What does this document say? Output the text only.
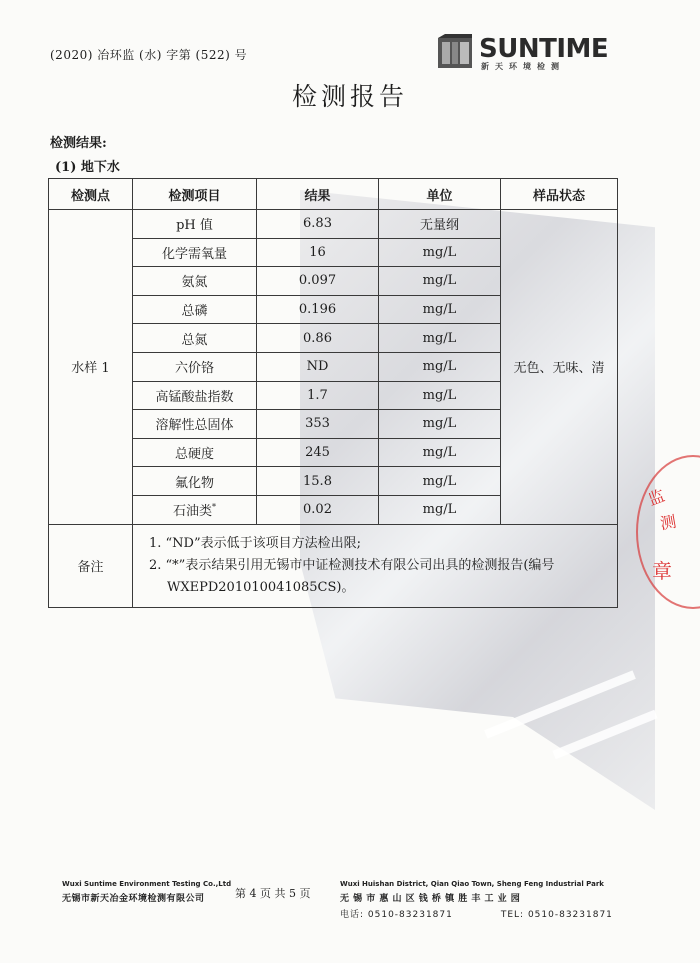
(2020) 冶环监 (水) 字第 (522) 号	SUNTIME
新天环境检测
检测报告
检测结果:
(1) 地下水
检测点	检测项目	结果	单位	样品状态
水样 1	pH 值	6.83	无量纲	无色、无味、清
	化学需氧量	16	mg/L	
	氨氮	0.097	mg/L	
	总磷	0.196	mg/L	
	总氮	0.86	mg/L	
	六价铬	ND	mg/L	
	高锰酸盐指数	1.7	mg/L	
	溶解性总固体	353	mg/L	
	总硬度	245	mg/L	
	氟化物	15.8	mg/L	
	石油类*	0.02	mg/L	
备注	1. “ND”表示低于该项目方法检出限;
2. “*”表示结果引用无锡市中证检测技术有限公司出具的检测报告(编号
WXEPD201010041085CS)。			
监
测
章
Wuxi Suntime Environment Testing Co.,Ltd
无锡市新天冶金环境检测有限公司	第 4 页 共 5 页
Wuxi Huishan District, Qian Qiao Town, Sheng Feng Industrial Park
无 锡 市 惠 山 区 钱 桥 镇 胜 丰 工 业 园
电话: 0510-83231871	TEL: 0510-83231871
